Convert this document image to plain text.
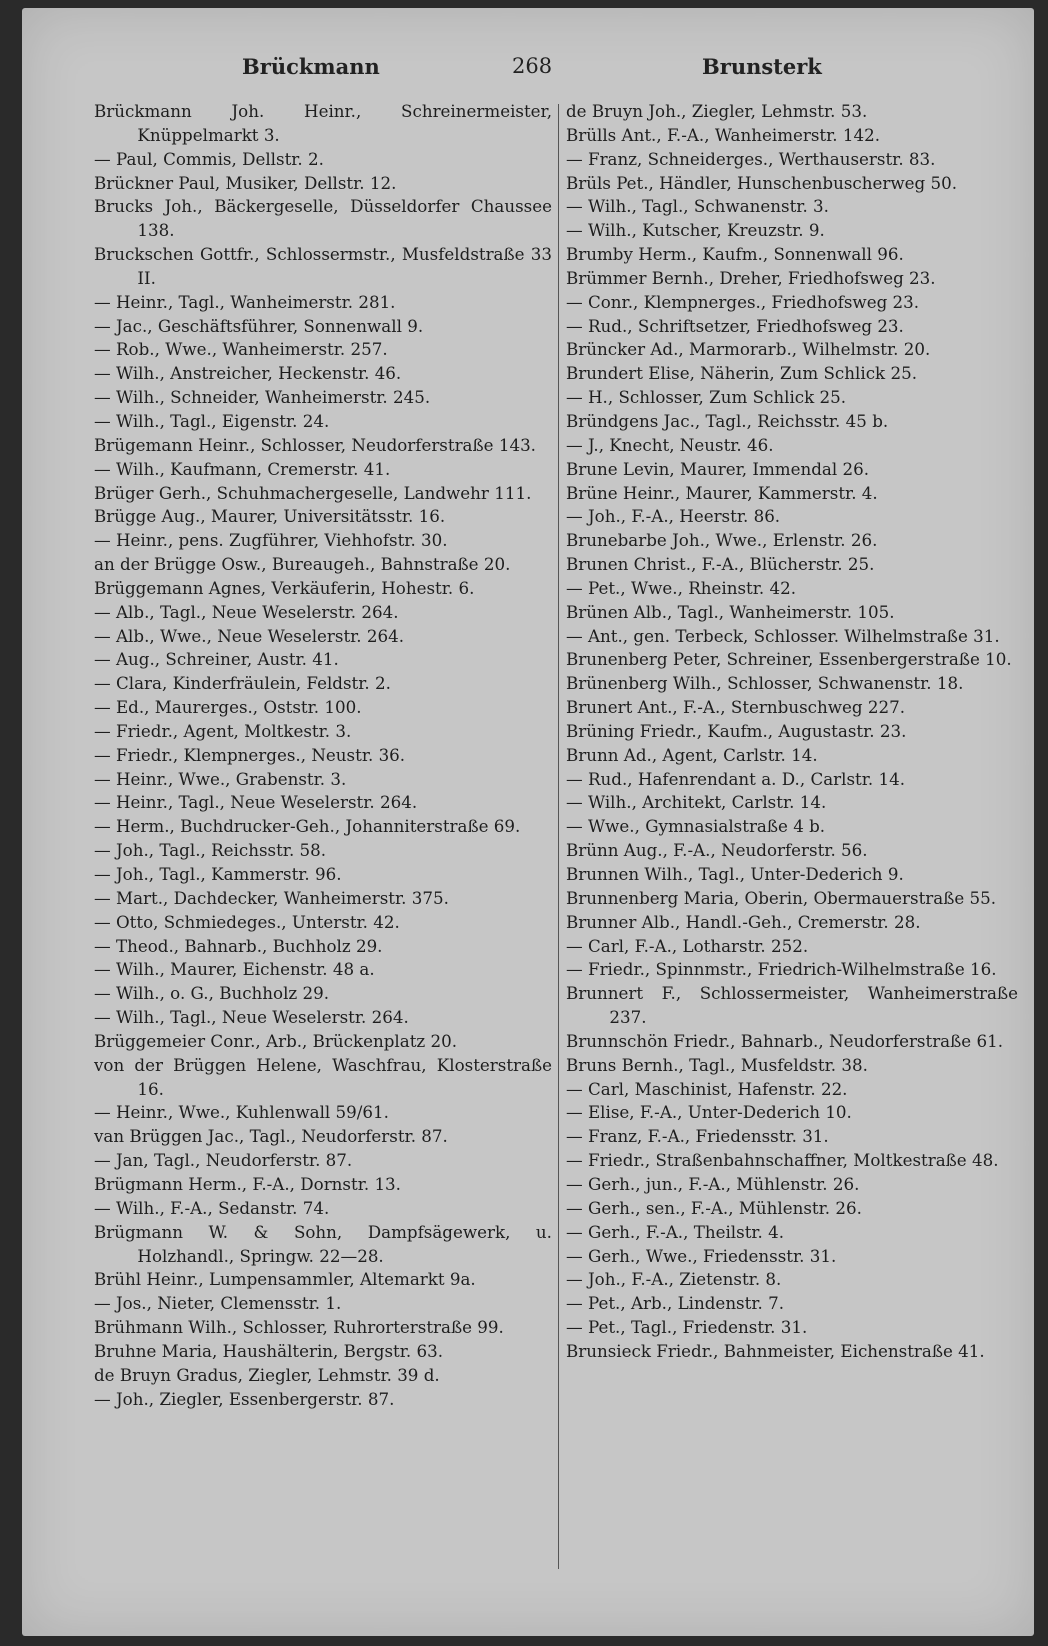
Brückmann	268	Brunsterk
Brückmann Joh. Heinr., Schreinermeister, Knüppelmarkt 3.
— Paul, Commis, Dellstr. 2.
Brückner Paul, Musiker, Dellstr. 12.
Brucks Joh., Bäckergeselle, Düsseldorfer Chaussee 138.
Bruckschen Gottfr., Schlossermstr., Musfeldstraße 33 II.
— Heinr., Tagl., Wanheimerstr. 281.
— Jac., Geschäftsführer, Sonnenwall 9.
— Rob., Wwe., Wanheimerstr. 257.
— Wilh., Anstreicher, Heckenstr. 46.
— Wilh., Schneider, Wanheimerstr. 245.
— Wilh., Tagl., Eigenstr. 24.
Brügemann Heinr., Schlosser, Neudorferstraße 143.
— Wilh., Kaufmann, Cremerstr. 41.
Brüger Gerh., Schuhmachergeselle, Landwehr 111.
Brügge Aug., Maurer, Universitätsstr. 16.
— Heinr., pens. Zugführer, Viehhofstr. 30.
an der Brügge Osw., Bureaugeh., Bahnstraße 20.
Brüggemann Agnes, Verkäuferin, Hohestr. 6.
— Alb., Tagl., Neue Weselerstr. 264.
— Alb., Wwe., Neue Weselerstr. 264.
— Aug., Schreiner, Austr. 41.
— Clara, Kinderfräulein, Feldstr. 2.
— Ed., Maurerges., Oststr. 100.
— Friedr., Agent, Moltkestr. 3.
— Friedr., Klempnerges., Neustr. 36.
— Heinr., Wwe., Grabenstr. 3.
— Heinr., Tagl., Neue Weselerstr. 264.
— Herm., Buchdrucker-Geh., Johanniterstraße 69.
— Joh., Tagl., Reichsstr. 58.
— Joh., Tagl., Kammerstr. 96.
— Mart., Dachdecker, Wanheimerstr. 375.
— Otto, Schmiedeges., Unterstr. 42.
— Theod., Bahnarb., Buchholz 29.
— Wilh., Maurer, Eichenstr. 48 a.
— Wilh., o. G., Buchholz 29.
— Wilh., Tagl., Neue Weselerstr. 264.
Brüggemeier Conr., Arb., Brückenplatz 20.
von der Brüggen Helene, Waschfrau, Klosterstraße 16.
— Heinr., Wwe., Kuhlenwall 59/61.
van Brüggen Jac., Tagl., Neudorferstr. 87.
— Jan, Tagl., Neudorferstr. 87.
Brügmann Herm., F.-A., Dornstr. 13.
— Wilh., F.-A., Sedanstr. 74.
Brügmann W. & Sohn, Dampfsägewerk, u. Holzhandl., Springw. 22—28.
Brühl Heinr., Lumpensammler, Altemarkt 9a.
— Jos., Nieter, Clemensstr. 1.
Brühmann Wilh., Schlosser, Ruhrorterstraße 99.
Bruhne Maria, Haushälterin, Bergstr. 63.
de Bruyn Gradus, Ziegler, Lehmstr. 39 d.
— Joh., Ziegler, Essenbergerstr. 87.
de Bruyn Joh., Ziegler, Lehmstr. 53.
Brülls Ant., F.-A., Wanheimerstr. 142.
— Franz, Schneiderges., Werthauserstr. 83.
Brüls Pet., Händler, Hunschenbuscherweg 50.
— Wilh., Tagl., Schwanenstr. 3.
— Wilh., Kutscher, Kreuzstr. 9.
Brumby Herm., Kaufm., Sonnenwall 96.
Brümmer Bernh., Dreher, Friedhofsweg 23.
— Conr., Klempnerges., Friedhofsweg 23.
— Rud., Schriftsetzer, Friedhofsweg 23.
Brüncker Ad., Marmorarb., Wilhelmstr. 20.
Brundert Elise, Näherin, Zum Schlick 25.
— H., Schlosser, Zum Schlick 25.
Bründgens Jac., Tagl., Reichsstr. 45 b.
— J., Knecht, Neustr. 46.
Brune Levin, Maurer, Immendal 26.
Brüne Heinr., Maurer, Kammerstr. 4.
— Joh., F.-A., Heerstr. 86.
Brunebarbe Joh., Wwe., Erlenstr. 26.
Brunen Christ., F.-A., Blücherstr. 25.
— Pet., Wwe., Rheinstr. 42.
Brünen Alb., Tagl., Wanheimerstr. 105.
— Ant., gen. Terbeck, Schlosser. Wilhelmstraße 31.
Brunenberg Peter, Schreiner, Essenbergerstraße 10.
Brünenberg Wilh., Schlosser, Schwanenstr. 18.
Brunert Ant., F.-A., Sternbuschweg 227.
Brüning Friedr., Kaufm., Augustastr. 23.
Brunn Ad., Agent, Carlstr. 14.
— Rud., Hafenrendant a. D., Carlstr. 14.
— Wilh., Architekt, Carlstr. 14.
— Wwe., Gymnasialstraße 4 b.
Brünn Aug., F.-A., Neudorferstr. 56.
Brunnen Wilh., Tagl., Unter-Dederich 9.
Brunnenberg Maria, Oberin, Obermauerstraße 55.
Brunner Alb., Handl.-Geh., Cremerstr. 28.
— Carl, F.-A., Lotharstr. 252.
— Friedr., Spinnmstr., Friedrich-Wilhelmstraße 16.
Brunnert F., Schlossermeister, Wanheimerstraße 237.
Brunnschön Friedr., Bahnarb., Neudorferstraße 61.
Bruns Bernh., Tagl., Musfeldstr. 38.
— Carl, Maschinist, Hafenstr. 22.
— Elise, F.-A., Unter-Dederich 10.
— Franz, F.-A., Friedensstr. 31.
— Friedr., Straßenbahnschaffner, Moltkestraße 48.
— Gerh., jun., F.-A., Mühlenstr. 26.
— Gerh., sen., F.-A., Mühlenstr. 26.
— Gerh., F.-A., Theilstr. 4.
— Gerh., Wwe., Friedensstr. 31.
— Joh., F.-A., Zietenstr. 8.
— Pet., Arb., Lindenstr. 7.
— Pet., Tagl., Friedenstr. 31.
Brunsieck Friedr., Bahnmeister, Eichenstraße 41.
